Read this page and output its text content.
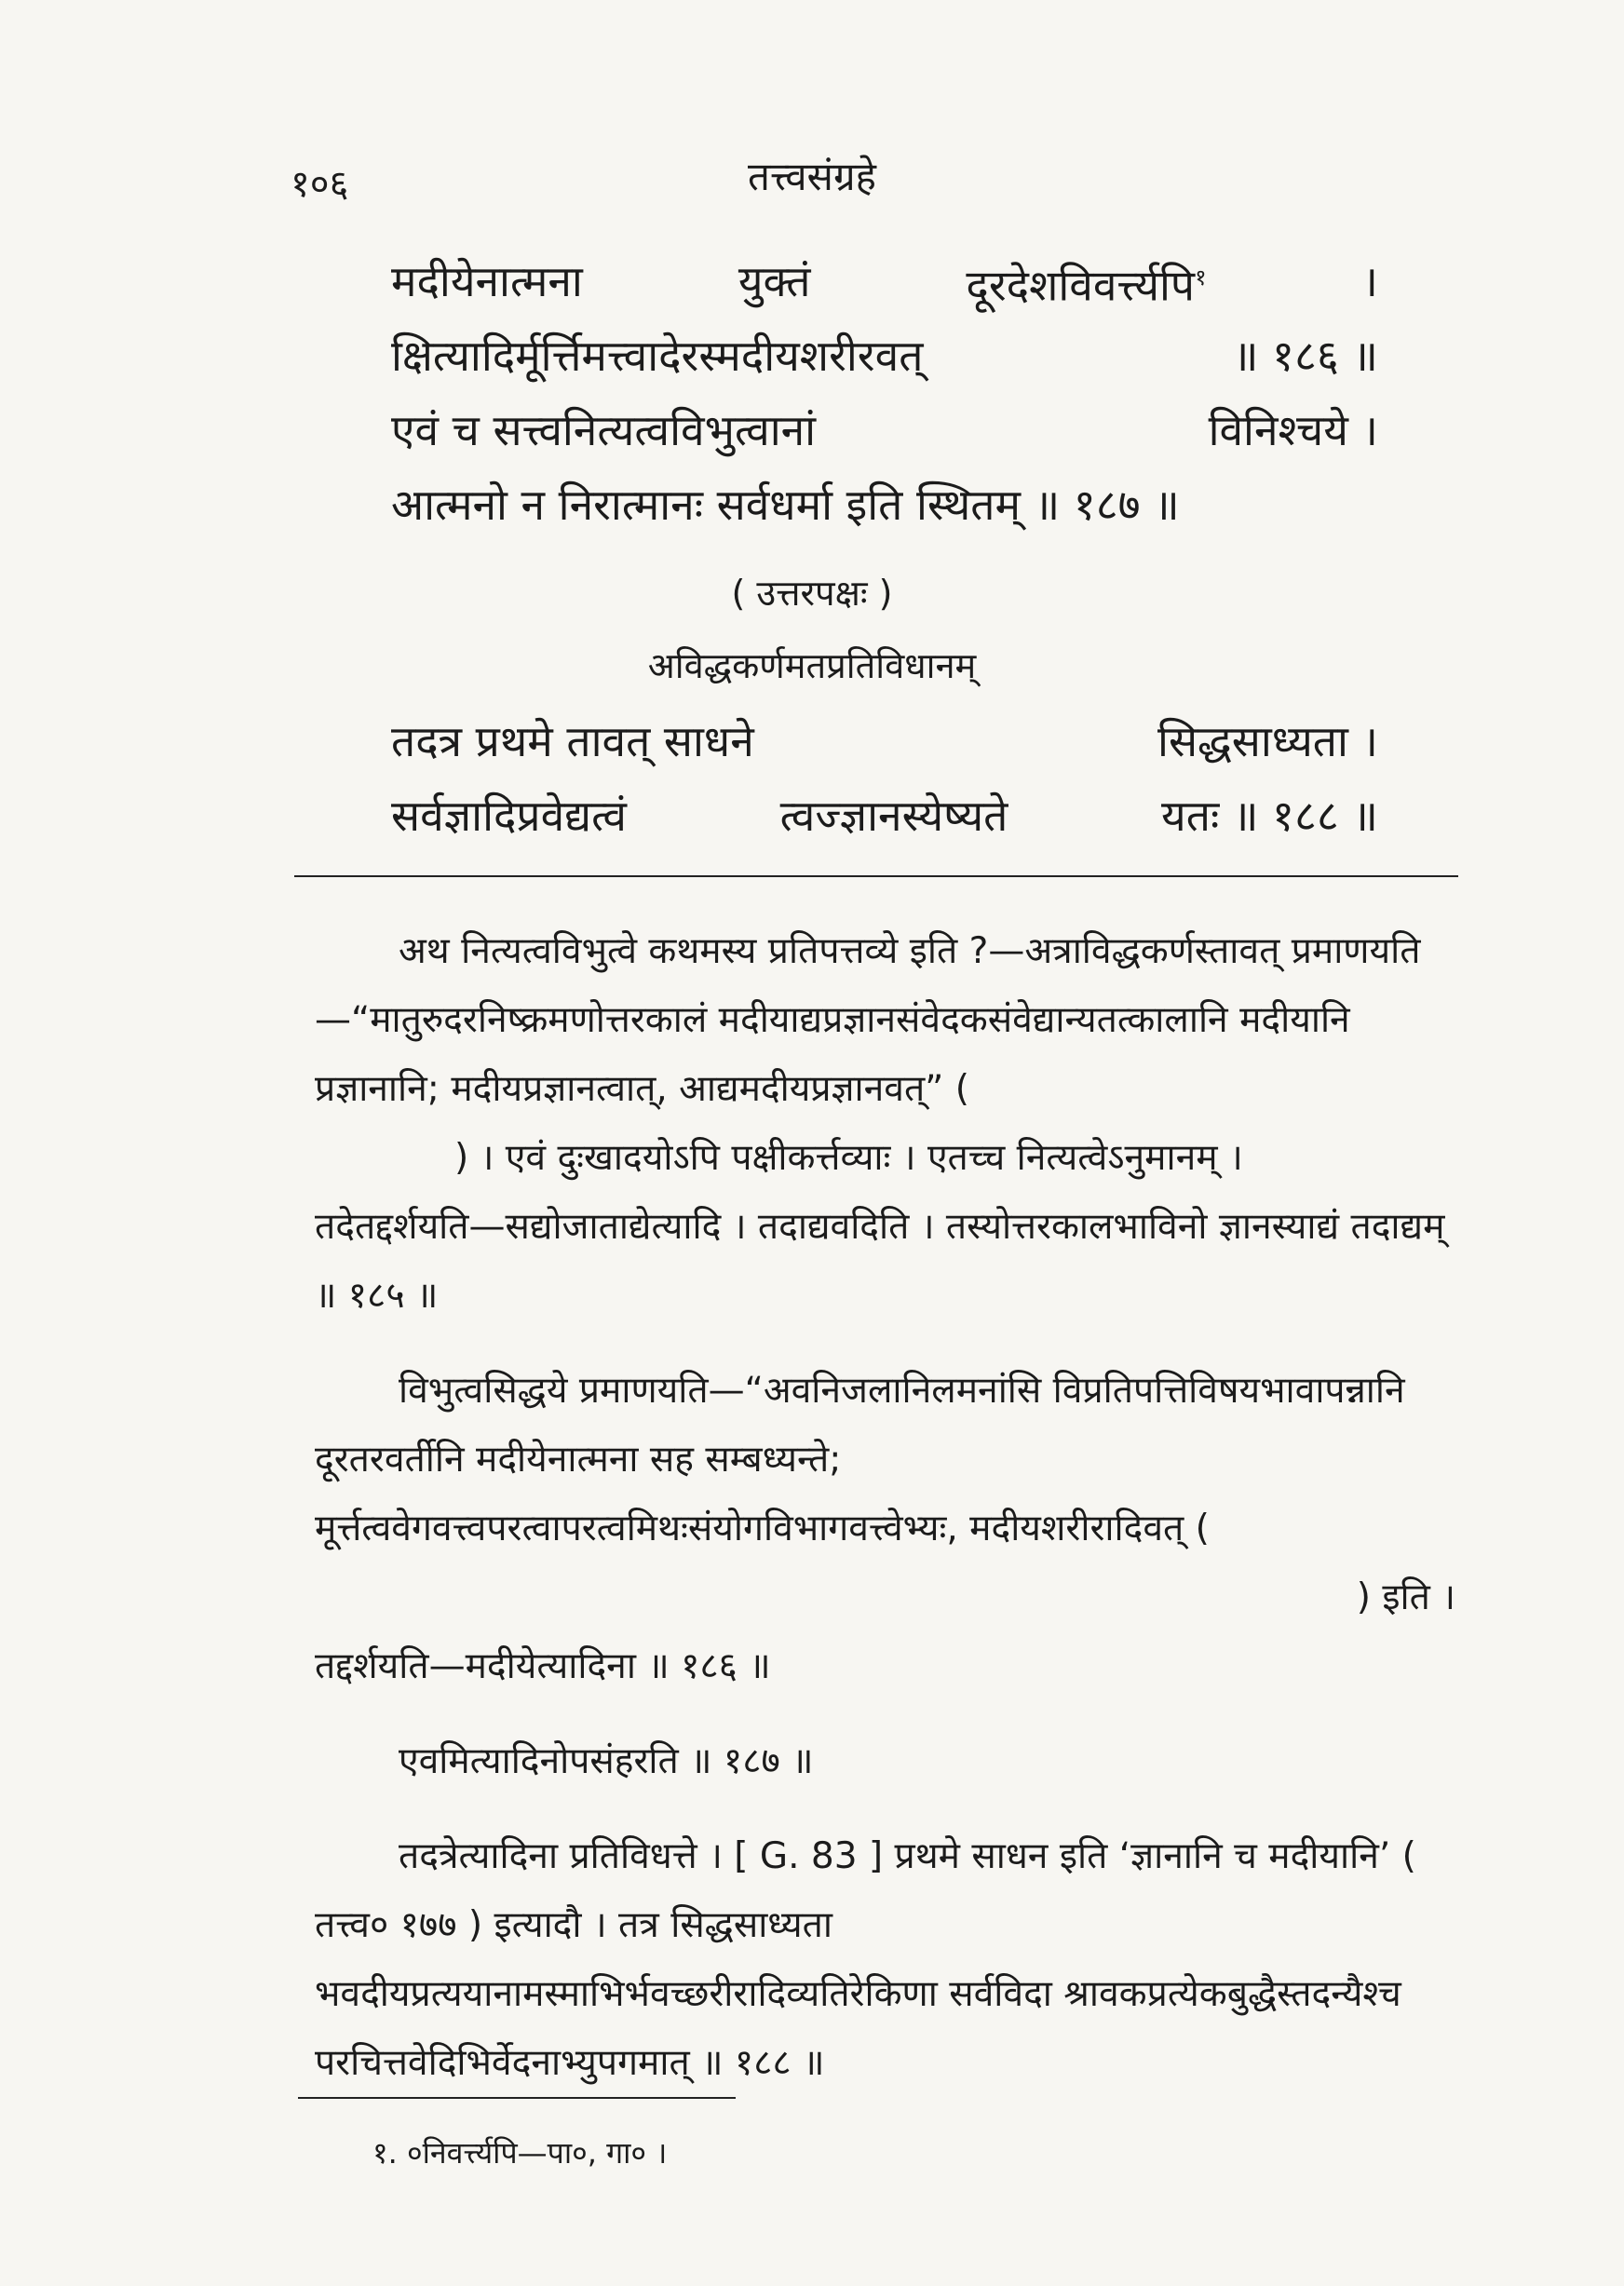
१०६	तत्त्वसंग्रहे
मदीयेनात्मना	युक्तं	दूरदेशविवर्त्त्यपि$^१$	।
क्षित्यादिर्मूर्त्तिमत्त्वादेरस्मदीयशरीरवत्	॥ १८६ ॥
एवं च सत्त्वनित्यत्वविभुत्वानां	विनिश्चये ।
आत्मनो न निरात्मानः सर्वधर्मा इति स्थितम् ॥ १८७ ॥
( उत्तरपक्षः )
अविद्धकर्णमतप्रतिविधानम्
तदत्र प्रथमे तावत् साधने	सिद्धसाध्यता ।
सर्वज्ञादिप्रवेद्यत्वं	त्वज्ज्ञानस्येष्यते	यतः ॥ १८८ ॥

अथ नित्यत्वविभुत्वे कथमस्य प्रतिपत्तव्ये इति ?—अत्राविद्धकर्णस्तावत् प्रमाणयति—“मातुरुदरनिष्क्रमणोत्तरकालं मदीयाद्यप्रज्ञानसंवेदकसंवेद्यान्यतत्कालानि मदीयानि प्रज्ञानानि; मदीयप्रज्ञानत्वात्, आद्यमदीयप्रज्ञानवत्” (

) । एवं दुःखादयोऽपि पक्षीकर्त्तव्याः । एतच्च नित्यत्वेऽनुमानम् ।

तदेतद्दर्शयति—सद्योजाताद्येत्यादि । तदाद्यवदिति । तस्योत्तरकालभाविनो ज्ञानस्याद्यं तदाद्यम् ॥ १८५ ॥

विभुत्वसिद्धये प्रमाणयति—“अवनिजलानिलमनांसि विप्रतिपत्तिविषयभावापन्नानि दूरतरवर्तीनि मदीयेनात्मना सह सम्बध्यन्ते; मूर्त्तत्ववेगवत्त्वपरत्वापरत्वमिथःसंयोगविभागवत्त्वेभ्यः, मदीयशरीरादिवत् (

) इति ।

तद्दर्शयति—मदीयेत्यादिना ॥ १८६ ॥

एवमित्यादिनोपसंहरति ॥ १८७ ॥

तदत्रेत्यादिना प्रतिविधत्ते । [ G. 83 ] प्रथमे साधन इति ‘ज्ञानानि च मदीयानि’ ( तत्त्व० १७७ ) इत्यादौ । तत्र सिद्धसाध्यता भवदीयप्रत्ययानामस्माभिर्भवच्छरीरादिव्यतिरेकिणा सर्वविदा श्रावकप्रत्येकबुद्धैस्तदन्यैश्च परचित्तवेदिभिर्वेदनाभ्युपगमात् ॥ १८८ ॥

१. ०निवर्त्त्यपि—पा०, गा० ।
